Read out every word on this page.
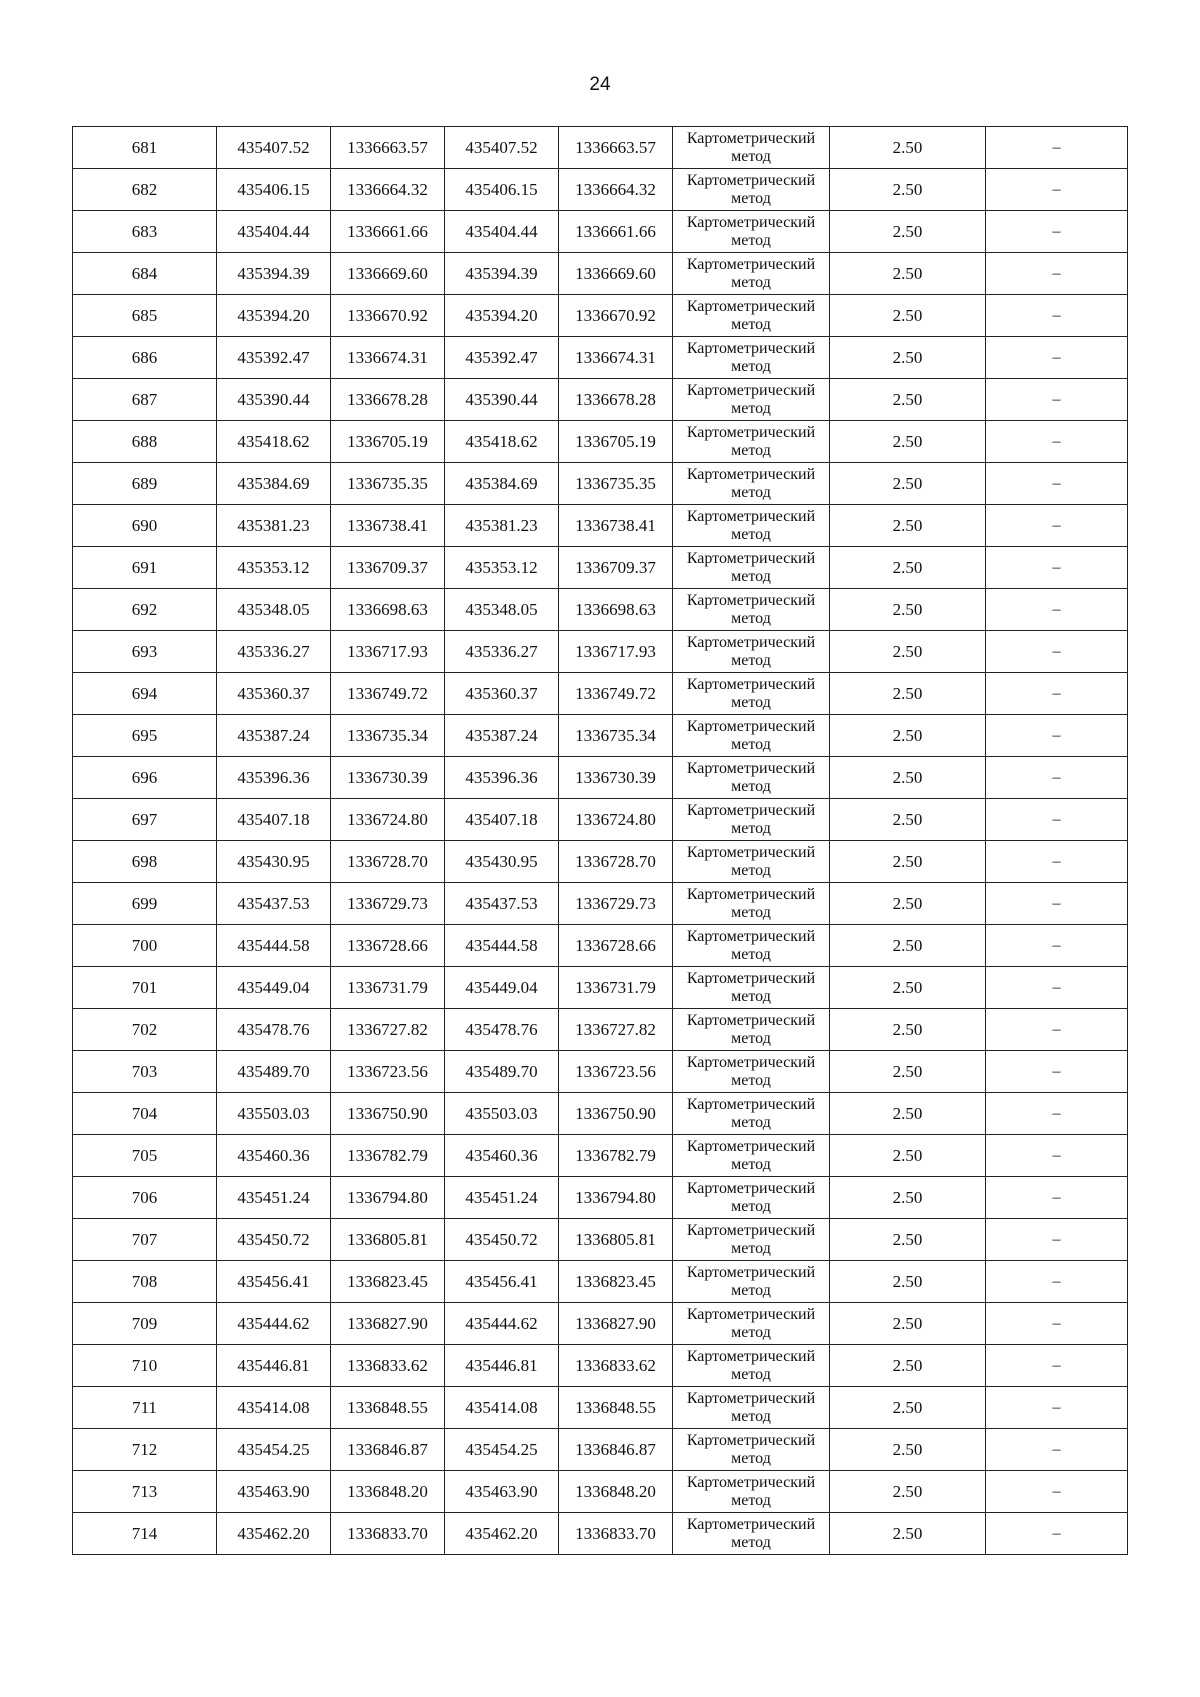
24
681	435407.52	1336663.57	435407.52	1336663.57	Картометрический метод	2.50	–
682	435406.15	1336664.32	435406.15	1336664.32	Картометрический метод	2.50	–
683	435404.44	1336661.66	435404.44	1336661.66	Картометрический метод	2.50	–
684	435394.39	1336669.60	435394.39	1336669.60	Картометрический метод	2.50	–
685	435394.20	1336670.92	435394.20	1336670.92	Картометрический метод	2.50	–
686	435392.47	1336674.31	435392.47	1336674.31	Картометрический метод	2.50	–
687	435390.44	1336678.28	435390.44	1336678.28	Картометрический метод	2.50	–
688	435418.62	1336705.19	435418.62	1336705.19	Картометрический метод	2.50	–
689	435384.69	1336735.35	435384.69	1336735.35	Картометрический метод	2.50	–
690	435381.23	1336738.41	435381.23	1336738.41	Картометрический метод	2.50	–
691	435353.12	1336709.37	435353.12	1336709.37	Картометрический метод	2.50	–
692	435348.05	1336698.63	435348.05	1336698.63	Картометрический метод	2.50	–
693	435336.27	1336717.93	435336.27	1336717.93	Картометрический метод	2.50	–
694	435360.37	1336749.72	435360.37	1336749.72	Картометрический метод	2.50	–
695	435387.24	1336735.34	435387.24	1336735.34	Картометрический метод	2.50	–
696	435396.36	1336730.39	435396.36	1336730.39	Картометрический метод	2.50	–
697	435407.18	1336724.80	435407.18	1336724.80	Картометрический метод	2.50	–
698	435430.95	1336728.70	435430.95	1336728.70	Картометрический метод	2.50	–
699	435437.53	1336729.73	435437.53	1336729.73	Картометрический метод	2.50	–
700	435444.58	1336728.66	435444.58	1336728.66	Картометрический метод	2.50	–
701	435449.04	1336731.79	435449.04	1336731.79	Картометрический метод	2.50	–
702	435478.76	1336727.82	435478.76	1336727.82	Картометрический метод	2.50	–
703	435489.70	1336723.56	435489.70	1336723.56	Картометрический метод	2.50	–
704	435503.03	1336750.90	435503.03	1336750.90	Картометрический метод	2.50	–
705	435460.36	1336782.79	435460.36	1336782.79	Картометрический метод	2.50	–
706	435451.24	1336794.80	435451.24	1336794.80	Картометрический метод	2.50	–
707	435450.72	1336805.81	435450.72	1336805.81	Картометрический метод	2.50	–
708	435456.41	1336823.45	435456.41	1336823.45	Картометрический метод	2.50	–
709	435444.62	1336827.90	435444.62	1336827.90	Картометрический метод	2.50	–
710	435446.81	1336833.62	435446.81	1336833.62	Картометрический метод	2.50	–
711	435414.08	1336848.55	435414.08	1336848.55	Картометрический метод	2.50	–
712	435454.25	1336846.87	435454.25	1336846.87	Картометрический метод	2.50	–
713	435463.90	1336848.20	435463.90	1336848.20	Картометрический метод	2.50	–
714	435462.20	1336833.70	435462.20	1336833.70	Картометрический метод	2.50	–
